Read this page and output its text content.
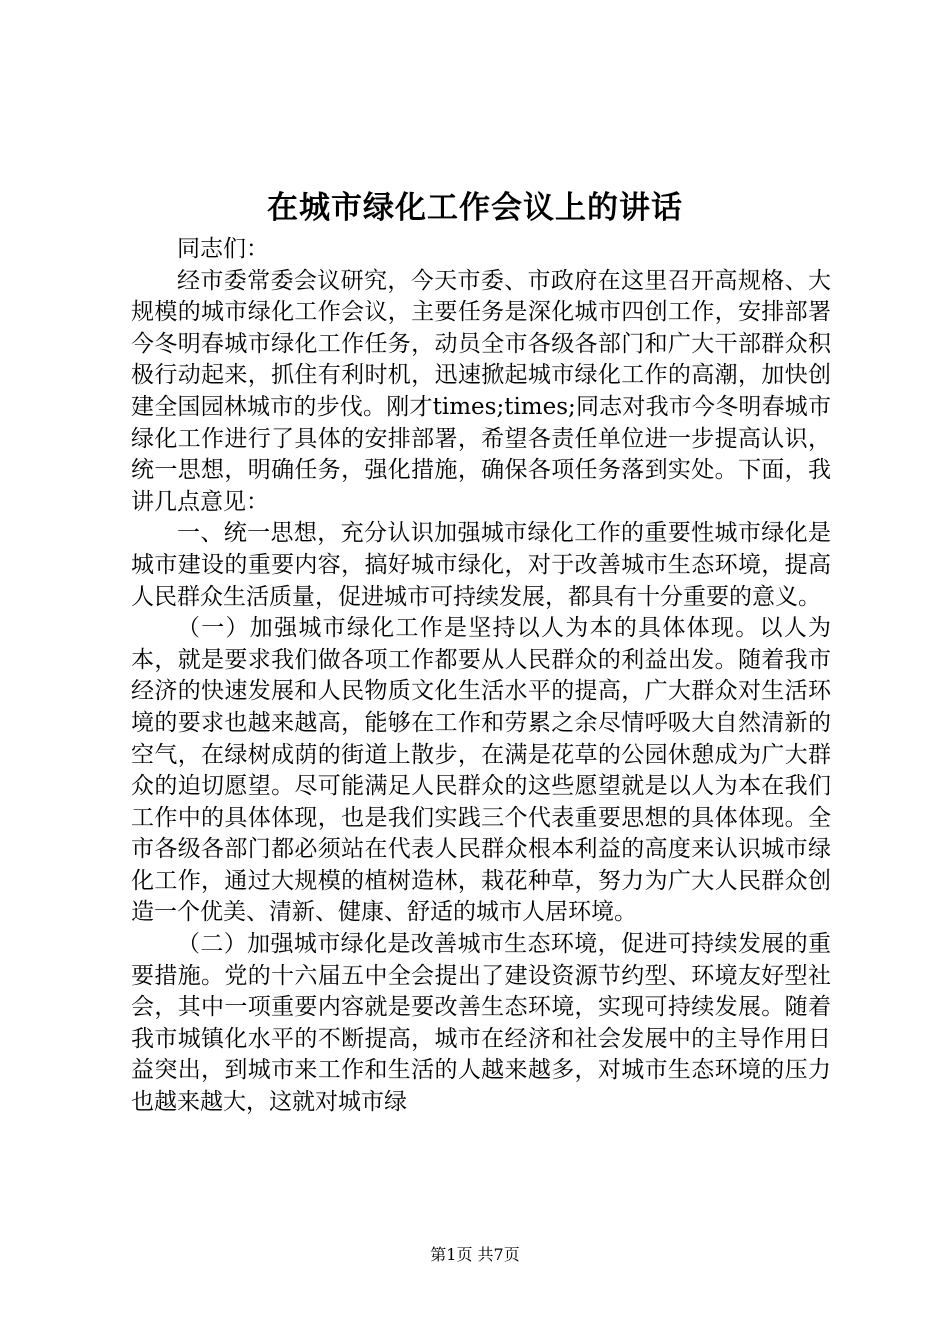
在城市绿化工作会议上的讲话

同志们：

经市委常委会议研究，今天市委、市政府在这里召开高规格、大规模的城市绿化工作会议，主要任务是深化城市四创工作，安排部署今冬明春城市绿化工作任务，动员全市各级各部门和广大干部群众积极行动起来，抓住有利时机，迅速掀起城市绿化工作的高潮，加快创建全国园林城市的步伐。刚才times;times;同志对我市今冬明春城市绿化工作进行了具体的安排部署，希望各责任单位进一步提高认识，统一思想，明确任务，强化措施，确保各项任务落到实处。下面，我讲几点意见：

一、统一思想，充分认识加强城市绿化工作的重要性城市绿化是城市建设的重要内容，搞好城市绿化，对于改善城市生态环境，提高人民群众生活质量，促进城市可持续发展，都具有十分重要的意义。

（一）加强城市绿化工作是坚持以人为本的具体体现。以人为本，就是要求我们做各项工作都要从人民群众的利益出发。随着我市经济的快速发展和人民物质文化生活水平的提高，广大群众对生活环境的要求也越来越高，能够在工作和劳累之余尽情呼吸大自然清新的空气，在绿树成荫的街道上散步，在满是花草的公园休憩成为广大群众的迫切愿望。尽可能满足人民群众的这些愿望就是以人为本在我们工作中的具体体现，也是我们实践三个代表重要思想的具体体现。全市各级各部门都必须站在代表人民群众根本利益的高度来认识城市绿化工作，通过大规模的植树造林，栽花种草，努力为广大人民群众创造一个优美、清新、健康、舒适的城市人居环境。

（二）加强城市绿化是改善城市生态环境，促进可持续发展的重要措施。党的十六届五中全会提出了建设资源节约型、环境友好型社会，其中一项重要内容就是要改善生态环境，实现可持续发展。随着我市城镇化水平的不断提高，城市在经济和社会发展中的主导作用日益突出，到城市来工作和生活的人越来越多，对城市生态环境的压力也越来越大，这就对城市绿

第1页 共7页
